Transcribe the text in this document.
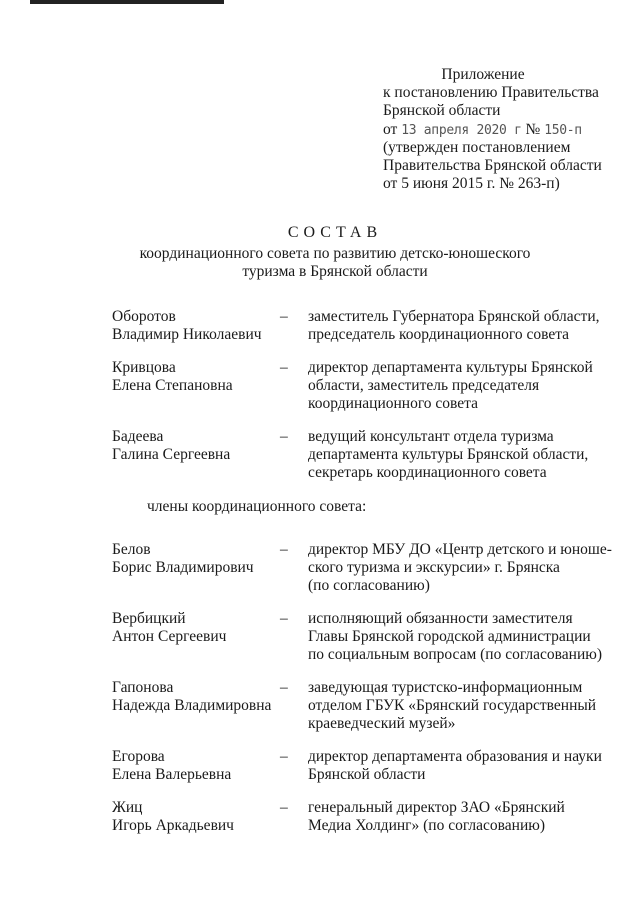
Приложение
к постановлению Правительства
Брянской области
от 13 апреля 2020 г № 150-п
(утвержден постановлением
Правительства Брянской области
от 5 июня 2015 г. № 263-п)
СОСТАВ
координационного совета по развитию детско-юношеского
туризма в Брянской области
Оборотов
Владимир Николаевич
–	заместитель Губернатора Брянской области,
председатель координационного совета
Кривцова
Елена Степановна
–	директор департамента культуры Брянской
области, заместитель председателя
координационного совета
Бадеева
Галина Сергеевна
–	ведущий консультант отдела туризма
департамента культуры Брянской области,
секретарь координационного совета
члены координационного совета:
Белов
Борис Владимирович
–	директор МБУ ДО «Центр детского и юноше-
ского туризма и экскурсии» г. Брянска
(по согласованию)
Вербицкий
Антон Сергеевич
–	исполняющий обязанности заместителя
Главы Брянской городской администрации
по социальным вопросам (по согласованию)
Гапонова
Надежда Владимировна
–	заведующая туристско-информационным
отделом ГБУК «Брянский государственный
краеведческий музей»
Егорова
Елена Валерьевна
–	директор департамента образования и науки
Брянской области
Жиц
Игорь Аркадьевич
–	генеральный директор ЗАО «Брянский
Медиа Холдинг» (по согласованию)
